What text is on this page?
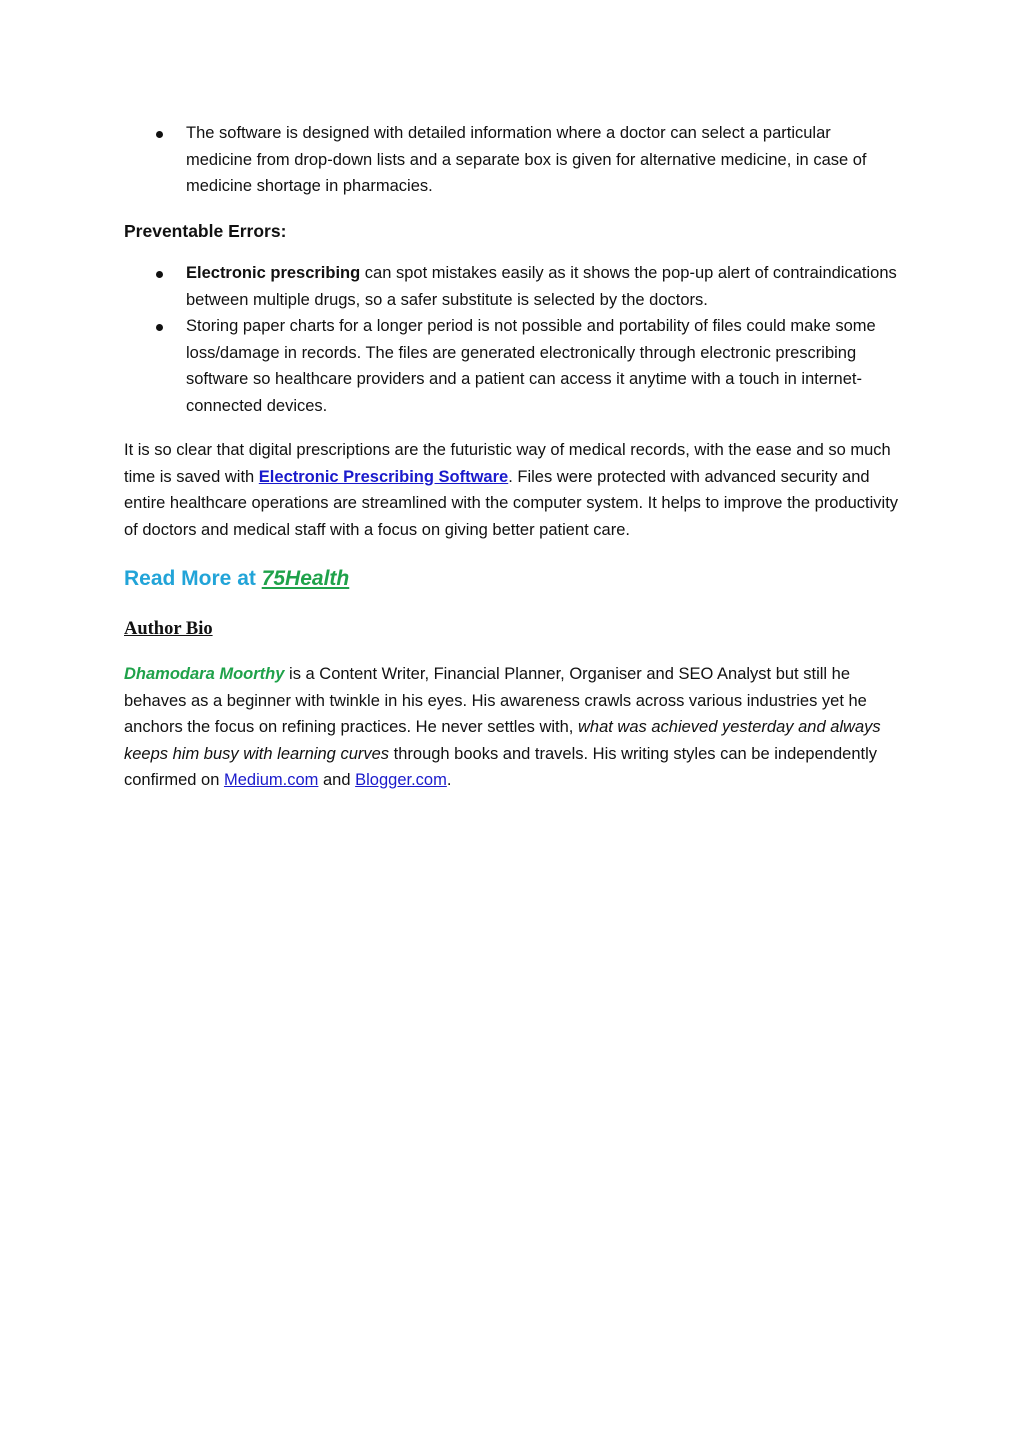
The software is designed with detailed information where a doctor can select a particular medicine from drop-down lists and a separate box is given for alternative medicine, in case of medicine shortage in pharmacies.
Preventable Errors:
Electronic prescribing can spot mistakes easily as it shows the pop-up alert of contraindications between multiple drugs, so a safer substitute is selected by the doctors.
Storing paper charts for a longer period is not possible and portability of files could make some loss/damage in records. The files are generated electronically through electronic prescribing software so healthcare providers and a patient can access it anytime with a touch in internet-connected devices.

It is so clear that digital prescriptions are the futuristic way of medical records, with the ease and so much time is saved with Electronic Prescribing Software. Files were protected with advanced security and entire healthcare operations are streamlined with the computer system. It helps to improve the productivity of doctors and medical staff with a focus on giving better patient care.

Read More at 75Health
Author Bio

Dhamodara Moorthy is a Content Writer, Financial Planner, Organiser and SEO Analyst but still he behaves as a beginner with twinkle in his eyes. His awareness crawls across various industries yet he anchors the focus on refining practices. He never settles with, what was achieved yesterday and always keeps him busy with learning curves through books and travels. His writing styles can be independently confirmed on Medium.com and Blogger.com.
